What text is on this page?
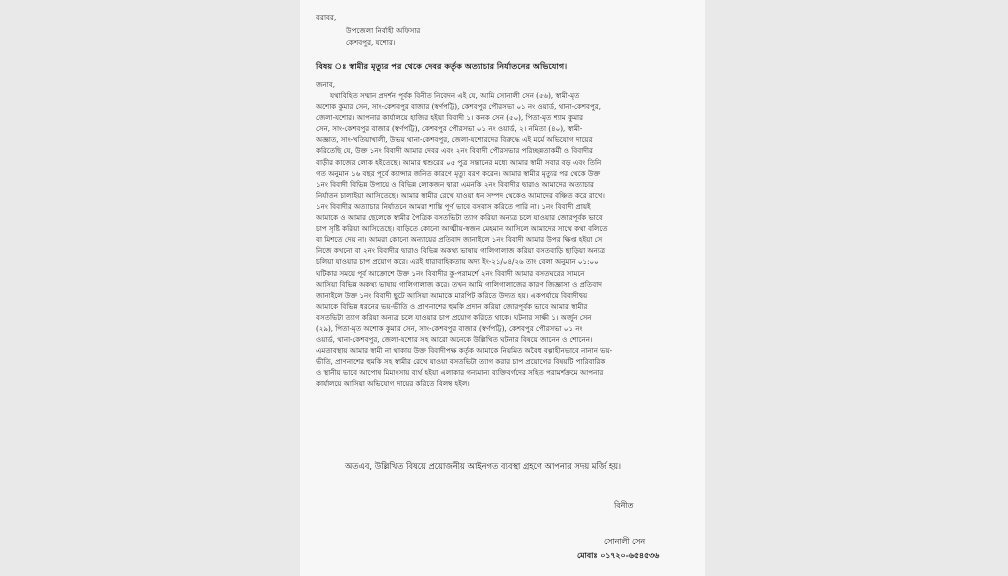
বরাবর,
উপজেলা নির্বাহী অফিসার
কেশবপুর, যশোর।
বিষয় ঃ স্বামীর মৃত্যুর পর থেকে দেবর কর্তৃক অত্যাচার নির্যাতনের অভিযোগ।
জনাব,
যথাবিহিত সম্মান প্রদর্শন পূর্বক বিনীত নিবেদন এই যে, আমি সোনালী সেন (৫৬), স্বামী-মৃত
অশোক কুমার সেন, সাং-কেশবপুর বাজার (স্বর্ণপট্টি), কেশবপুর পৌরসভা ০১ নং ওয়ার্ড, থানা-কেশবপুর,
জেলা-যশোর। আপনার কার্যালয়ে হাজির হইয়া বিবাদী ১। কনক সেন (৫০), পিতা-মৃত শ্যাম কুমার
সেন, সাং-কেশবপুর বাজার (স্বর্ণপট্টি), কেশবপুর পৌরসভা ০১ নং ওয়ার্ড, ২। নমিতা (৪০), স্বামী-
অজ্ঞাত, সাং-খতিয়াখালী, উভয় থানা-কেশবপুর, জেলা-যশোরদের বিরুদ্ধে এই মর্মে অভিযোগ দায়ের
করিতেছি যে, উক্ত ১নং বিবাদী আমার দেবর এবং ২নং বিবাদী পৌরসভার পরিচ্ছন্নতাকর্মী ও বিবাদীর
বাড়ীর কাজের লোক হইতেছে। আমার শ্বশুরের ০৫ পুত্র সন্তানের মধ্যে আমার স্বামী সবার বড় এবং তিনি
গত অনুমান ১৬ বছর পূর্বে ক্যান্সার জনিত কারণে মৃত্যু বরণ করেন। আমার স্বামীর মৃত্যুর পর থেকে উক্ত
১নং বিবাদী বিভিন্ন উপায়ে ও বিভিন্ন লোকজন দ্বারা এমনকি ২নং বিবাদীর দ্বারাও আমাদের অত্যাচার
নির্যাতন চালাইয়া আসিতেছে। আমার স্বামীর রেখে যাওয়া ধন সম্পদ থেকেও আমাদের বঞ্চিত করে রাখে।
১নং বিবাদীর অত্যাচার নির্যাতনে আমরা শান্তি পূর্ণ ভাবে বসবাস করিতে পারি না। ১নং বিবাদী প্রায়ই
আমাকে ও আমার ছেলেকে স্বামীর পৈত্রিক বসতভিটা ত্যাগ করিয়া অন্যত্র চলে যাওয়ার জোরপূর্বক ভাবে
চাপ সৃষ্টি করিয়া আসিতেছে। বাড়িতে কোনো আত্মীয়-স্বজন মেহমান আসিলে আমাদের সাথে কথা বলিতে
বা মিশতে দেয় না। আমরা কোনো অন্যায়ের প্রতিবাদ জানাইলে ১নং বিবাদী আমার উপর ক্ষিপ্ত হইয়া সে
নিজে কখনো বা ২নং বিবাদীর দ্বারাও বিভিন্ন অকথ্য ভাষায় গালিগালাজ করিয়া বসতবাড়ি ছাড়িয়া অন্যত্র
চলিয়া যাওয়ার চাপ প্রয়োগ করে। এরই ধারাবাহিকতায় অদ্য ইং-২১/০৪/২৬ তাং বেলা অনুমান ০১:০০
ঘটিকার সময়ে পূর্ব আক্রোশে উক্ত ১নং বিবাদীর কু-পরামর্শে ২নং বিবাদী আমার বসতঘরের সামনে
আসিয়া বিভিন্ন অকথ্য ভাষায় গালিগালাজ করে। তখন আমি গালিগালাজের কারণ জিজ্ঞাসা ও প্রতিবাদ
জানাইলে উক্ত ১নং বিবাদী ছুটে আসিয়া আমাকে মারপিট করিতে উদ্যত হয়। একপর্যায়ে বিবাদীদ্বয়
আমাকে বিভিন্ন ধরনের ভয়-ভীতি ও প্রাণনাশের হুমকি প্রদান করিয়া জোরপূর্বক ভাবে আমার স্বামীর
বসতভিটা ত্যাগ করিয়া অন্যত্র চলে যাওয়ার চাপ প্রয়োগ করিতে থাকে। ঘটনার সাক্ষী ১। অর্জুন সেন
(২৯), পিতা-মৃত অশোক কুমার সেন, সাং-কেশবপুর বাজার (স্বর্ণপট্টি), কেশবপুর পৌরসভা ০১ নং
ওয়ার্ড, থানা-কেশবপুর, জেলা-যশোর সহ আরো অনেকে উল্লিখিত ঘটনার বিষয়ে জানেন ও শোনেন।
এমতাবস্থায় আমার স্বামী না থাকায় উক্ত বিবাদীপক্ষ কর্তৃক আমাকে নিয়মিত অবৈধ বল্গাহীনভাবে নানান ভয়-
ভীতি, প্রাণনাশের হুমকি সহ স্বামীর রেখে যাওয়া বসতভিটা ত্যাগ করার চাপ প্রয়োগের বিষয়টি পারিবারিক
ও স্থানীয় ভাবে আপোষ মিমাংসায় ব্যর্থ হইয়া এলাকার গন্যমান্য ব্যক্তিবর্গদের সহিত পরামর্শক্রমে আপনার
কার্যালয়ে আসিয়া অভিযোগ দায়ের করিতে বিলম্ব হইল।
অতএব, উল্লিখিত বিষয়ে প্রয়োজনীয় আইনগত ব্যবস্থা গ্রহণে আপনার সদয় মর্জি হয়।
বিনীত
সোনালী সেন
মোবাঃ ০১৭২০-৬৫৪৫৩৬
